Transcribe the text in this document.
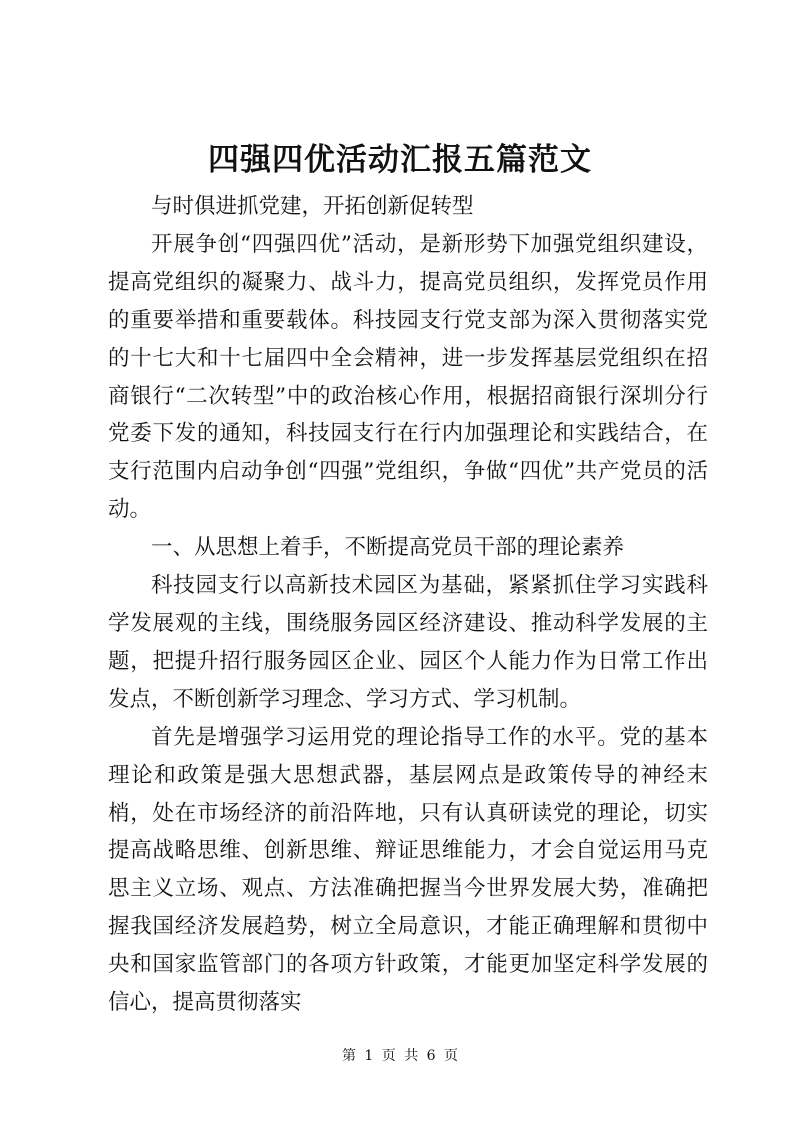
四强四优活动汇报五篇范文

与时俱进抓党建，开拓创新促转型

开展争创“四强四优”活动，是新形势下加强党组织建设，提高党组织的凝聚力、战斗力，提高党员组织，发挥党员作用的重要举措和重要载体。科技园支行党支部为深入贯彻落实党的十七大和十七届四中全会精神，进一步发挥基层党组织在招商银行“二次转型”中的政治核心作用，根据招商银行深圳分行党委下发的通知，科技园支行在行内加强理论和实践结合，在支行范围内启动争创“四强”党组织，争做“四优”共产党员的活动。

一、从思想上着手，不断提高党员干部的理论素养

科技园支行以高新技术园区为基础，紧紧抓住学习实践科学发展观的主线，围绕服务园区经济建设、推动科学发展的主题，把提升招行服务园区企业、园区个人能力作为日常工作出发点，不断创新学习理念、学习方式、学习机制。

首先是增强学习运用党的理论指导工作的水平。党的基本理论和政策是强大思想武器，基层网点是政策传导的神经末梢，处在市场经济的前沿阵地，只有认真研读党的理论，切实提高战略思维、创新思维、辩证思维能力，才会自觉运用马克思主义立场、观点、方法准确把握当今世界发展大势，准确把握我国经济发展趋势，树立全局意识，才能正确理解和贯彻中央和国家监管部门的各项方针政策，才能更加坚定科学发展的信心，提高贯彻落实

第 1 页 共 6 页
